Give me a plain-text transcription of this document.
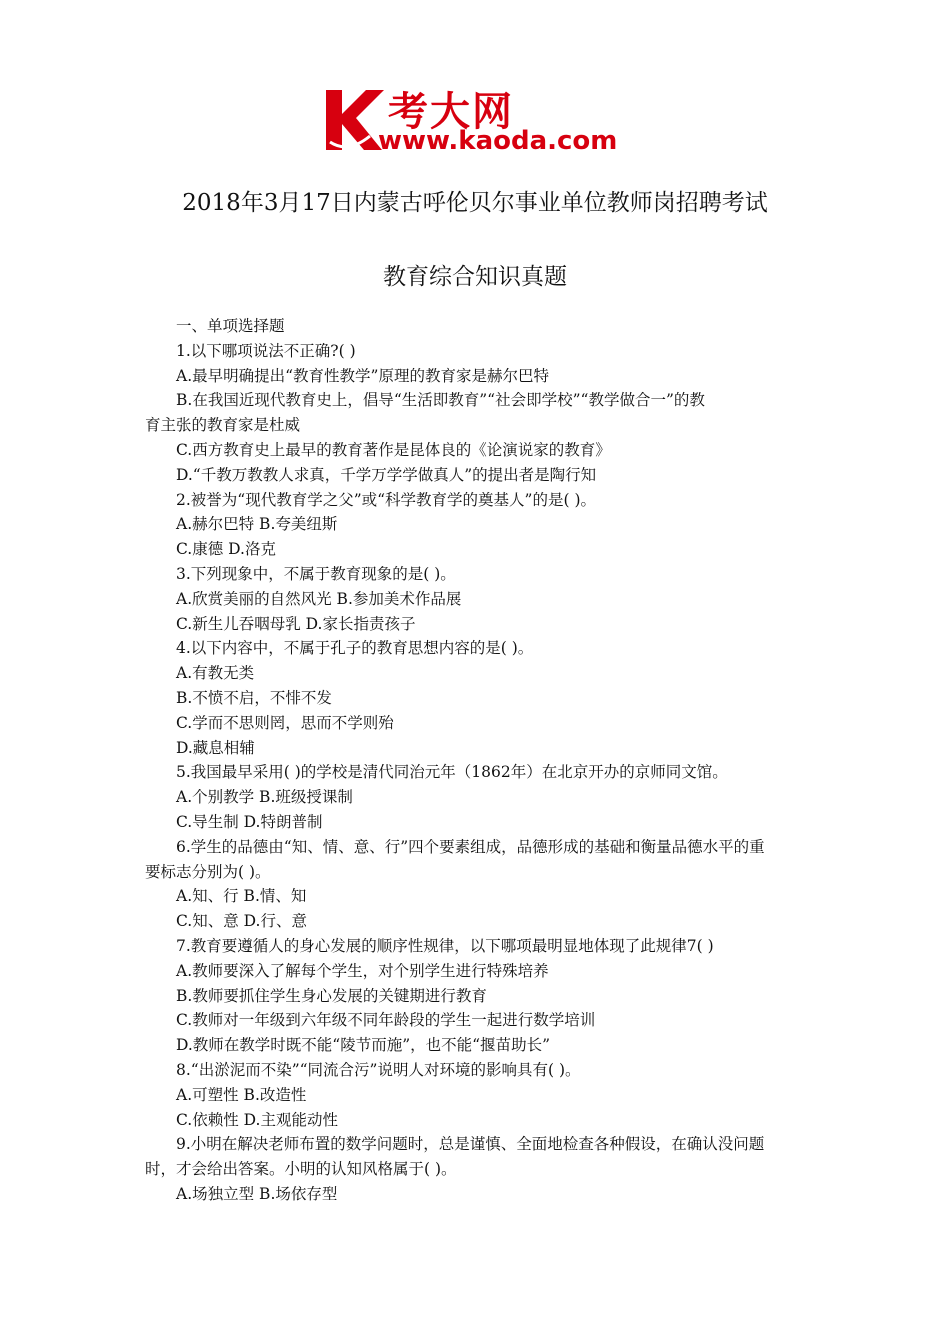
考大网
www.kaoda.com
2018年3月17日内蒙古呼伦贝尔事业单位教师岗招聘考试
教育综合知识真题
一、单项选择题
1.以下哪项说法不正确?( )
A.最早明确提出“教育性教学”原理的教育家是赫尔巴特
B.在我国近现代教育史上，倡导“生活即教育”“社会即学校”“教学做合一”的教
育主张的教育家是杜威
C.西方教育史上最早的教育著作是昆体良的《论演说家的教育》
D.“千教万教教人求真，千学万学学做真人”的提出者是陶行知
2.被誉为“现代教育学之父”或“科学教育学的奠基人”的是( )。
A.赫尔巴特 B.夸美纽斯
C.康德 D.洛克
3.下列现象中，不属于教育现象的是( )。
A.欣赏美丽的自然风光 B.参加美术作品展
C.新生儿吞咽母乳 D.家长指责孩子
4.以下内容中，不属于孔子的教育思想内容的是( )。
A.有教无类
B.不愤不启，不悱不发
C.学而不思则罔，思而不学则殆
D.藏息相辅
5.我国最早采用( )的学校是清代同治元年（1862年）在北京开办的京师同文馆。
A.个别教学 B.班级授课制
C.导生制 D.特朗普制
6.学生的品德由“知、情、意、行”四个要素组成，品德形成的基础和衡量品德水平的重
要标志分别为( )。
A.知、行 B.情、知
C.知、意 D.行、意
7.教育要遵循人的身心发展的顺序性规律，以下哪项最明显地体现了此规律7( )
A.教师要深入了解每个学生，对个别学生进行特殊培养
B.教师要抓住学生身心发展的关键期进行教育
C.教师对一年级到六年级不同年龄段的学生一起进行数学培训
D.教师在教学时既不能“陵节而施”，也不能“揠苗助长”
8.“出淤泥而不染”“同流合污”说明人对环境的影响具有( )。
A.可塑性 B.改造性
C.依赖性 D.主观能动性
9.小明在解决老师布置的数学问题时，总是谨慎、全面地检查各种假设，在确认没问题
时，才会给出答案。小明的认知风格属于( )。
A.场独立型 B.场依存型
